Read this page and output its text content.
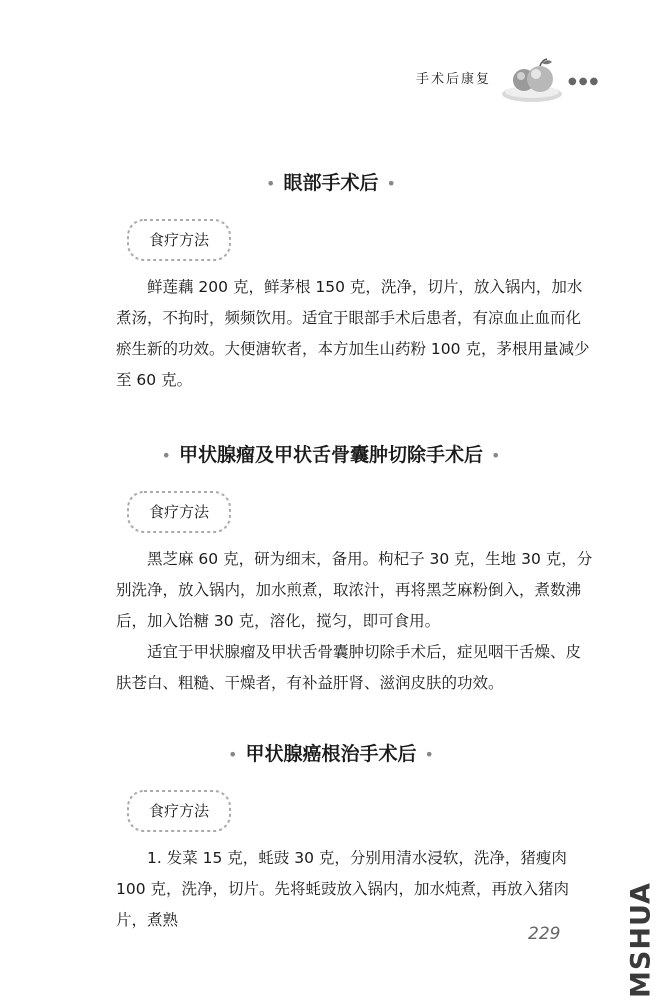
手术后康复	●●●
• 眼部手术后 •
食疗方法

鲜莲藕 200 克，鲜茅根 150 克，洗净，切片，放入锅内，加水煮汤，不拘时，频频饮用。适宜于眼部手术后患者，有凉血止血而化瘀生新的功效。大便溏软者，本方加生山药粉 100 克，茅根用量减少至 60 克。

• 甲状腺瘤及甲状舌骨囊肿切除手术后 •
食疗方法

黑芝麻 60 克，研为细末，备用。枸杞子 30 克，生地 30 克，分别洗净，放入锅内，加水煎煮，取浓汁，再将黑芝麻粉倒入，煮数沸后，加入饴糖 30 克，溶化，搅匀，即可食用。

适宜于甲状腺瘤及甲状舌骨囊肿切除手术后，症见咽干舌燥、皮肤苍白、粗糙、干燥者，有补益肝肾、滋润皮肤的功效。

• 甲状腺癌根治手术后 •
食疗方法

1. 发菜 15 克，蚝豉 30 克，分别用清水浸软，洗净，猪瘦肉 100 克，洗净，切片。先将蚝豉放入锅内，加水炖煮，再放入猪肉片，煮熟

229 MSHUA
